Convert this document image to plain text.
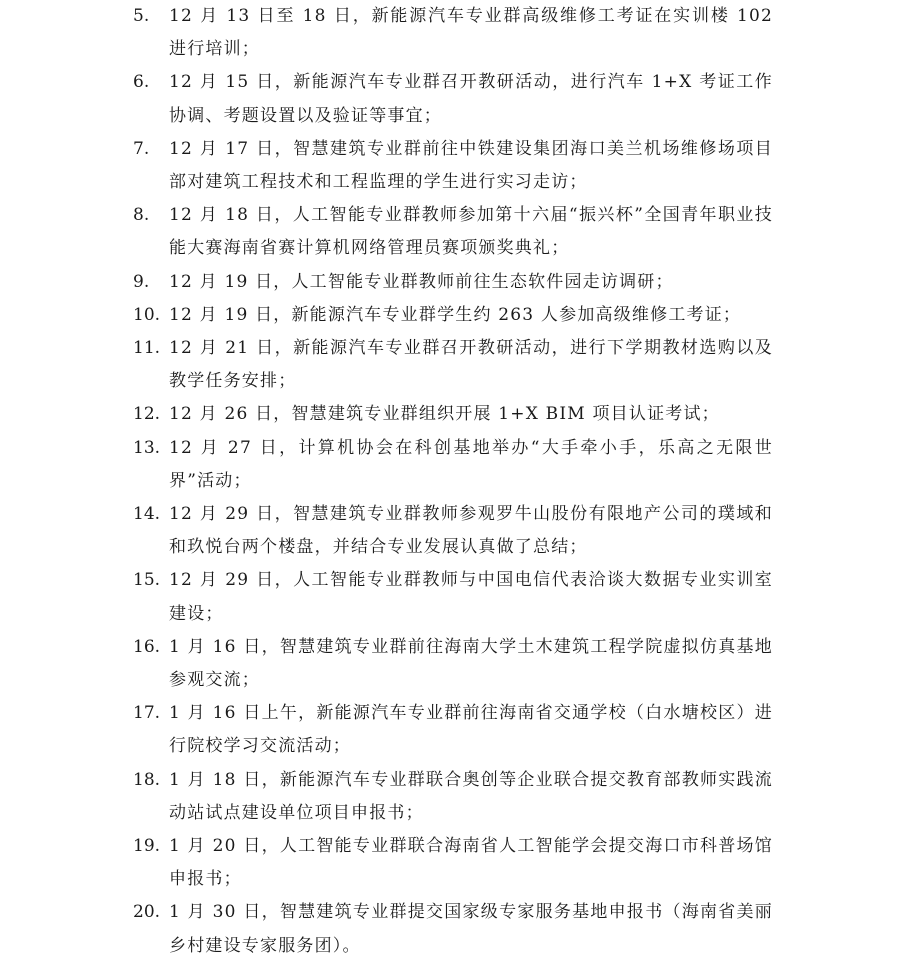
5.	12 月 13 日至 18 日，新能源汽车专业群高级维修工考证在实训楼 102 进行培训；
6.	12 月 15 日，新能源汽车专业群召开教研活动，进行汽车 1+X 考证工作协调、考题设置以及验证等事宜；
7.	12 月 17 日，智慧建筑专业群前往中铁建设集团海口美兰机场维修场项目部对建筑工程技术和工程监理的学生进行实习走访；
8.	12 月 18 日，人工智能专业群教师参加第十六届“振兴杯”全国青年职业技能大赛海南省赛计算机网络管理员赛项颁奖典礼；
9.	12 月 19 日，人工智能专业群教师前往生态软件园走访调研；
10. 12 月 19 日，新能源汽车专业群学生约 263 人参加高级维修工考证；
11. 12 月 21 日，新能源汽车专业群召开教研活动，进行下学期教材选购以及教学任务安排；
12. 12 月 26 日，智慧建筑专业群组织开展 1+X BIM 项目认证考试；
13. 12 月 27 日，计算机协会在科创基地举办“大手牵小手，乐高之无限世界”活动；
14. 12 月 29 日，智慧建筑专业群教师参观罗牛山股份有限地产公司的璞域和和玖悦台两个楼盘，并结合专业发展认真做了总结；
15. 12 月 29 日，人工智能专业群教师与中国电信代表洽谈大数据专业实训室建设；
16. 1 月 16 日，智慧建筑专业群前往海南大学土木建筑工程学院虚拟仿真基地参观交流；
17. 1 月 16 日上午，新能源汽车专业群前往海南省交通学校（白水塘校区）进行院校学习交流活动；
18. 1 月 18 日，新能源汽车专业群联合奥创等企业联合提交教育部教师实践流动站试点建设单位项目申报书；
19. 1 月 20 日，人工智能专业群联合海南省人工智能学会提交海口市科普场馆申报书；
20. 1 月 30 日，智慧建筑专业群提交国家级专家服务基地申报书（海南省美丽乡村建设专家服务团）。
